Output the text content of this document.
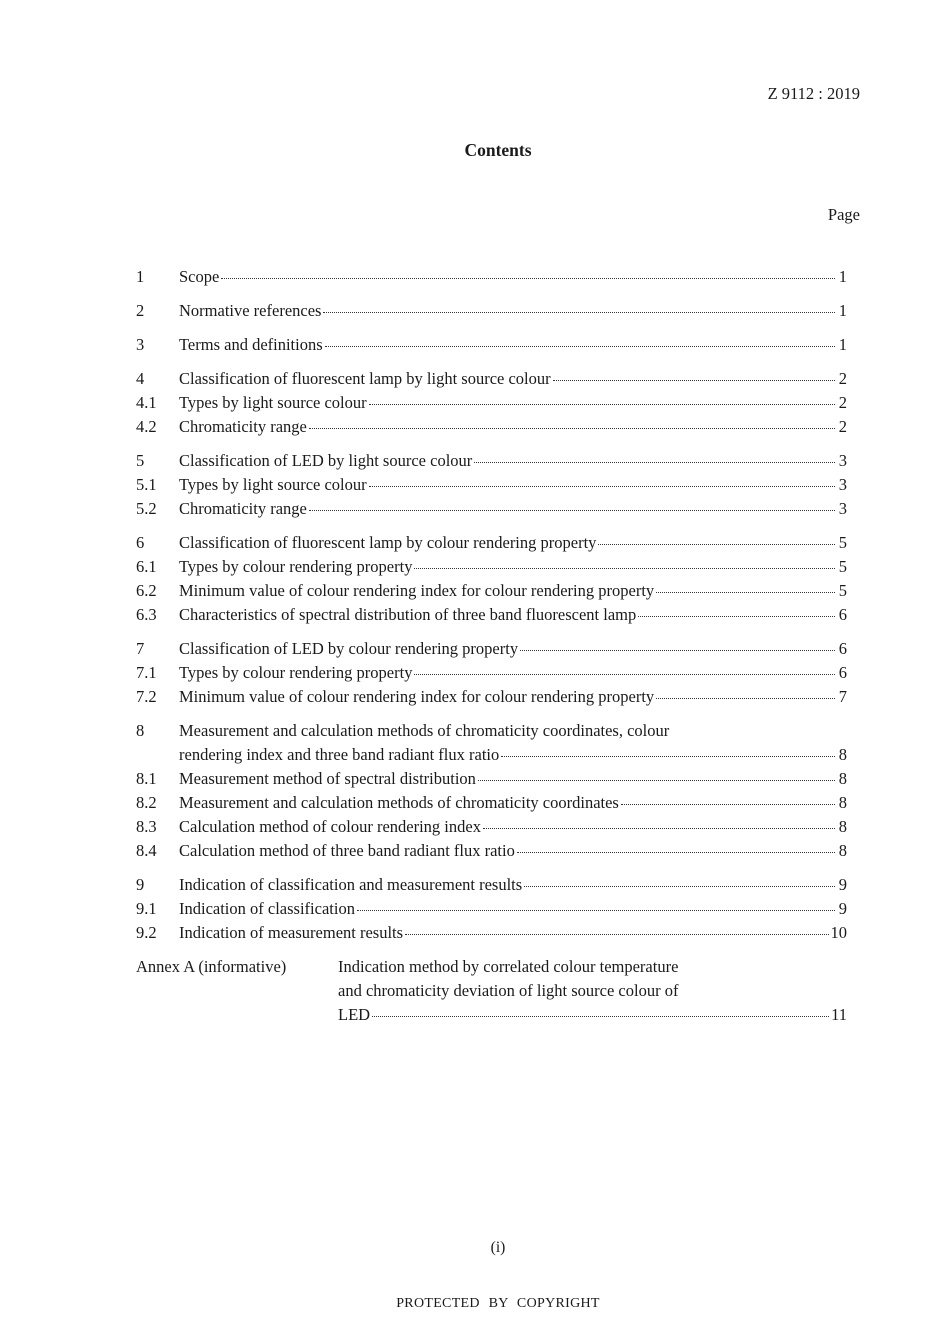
Z 9112 : 2019
Contents
Page
1	Scope	1
2	Normative references	1
3	Terms and definitions	1
4	Classification of fluorescent lamp by light source colour	2
4.1	Types by light source colour	2
4.2	Chromaticity range	2
5	Classification of LED by light source colour	3
5.1	Types by light source colour	3
5.2	Chromaticity range	3
6	Classification of fluorescent lamp by colour rendering property	5
6.1	Types by colour rendering property	5
6.2	Minimum value of colour rendering index for colour rendering property	5
6.3	Characteristics of spectral distribution of three band fluorescent lamp	6
7	Classification of LED by colour rendering property	6
7.1	Types by colour rendering property	6
7.2	Minimum value of colour rendering index for colour rendering property	7
8	Measurement and calculation methods of chromaticity coordinates, colour
rendering index and three band radiant flux ratio	8
8.1	Measurement method of spectral distribution	8
8.2	Measurement and calculation methods of chromaticity coordinates	8
8.3	Calculation method of colour rendering index	8
8.4	Calculation method of three band radiant flux ratio	8
9	Indication of classification and measurement results	9
9.1	Indication of classification	9
9.2	Indication of measurement results	10
Annex A (informative)	Indication method by correlated colour temperature
and chromaticity deviation of light source colour of
LED	11
(i)
PROTECTED BY COPYRIGHT
